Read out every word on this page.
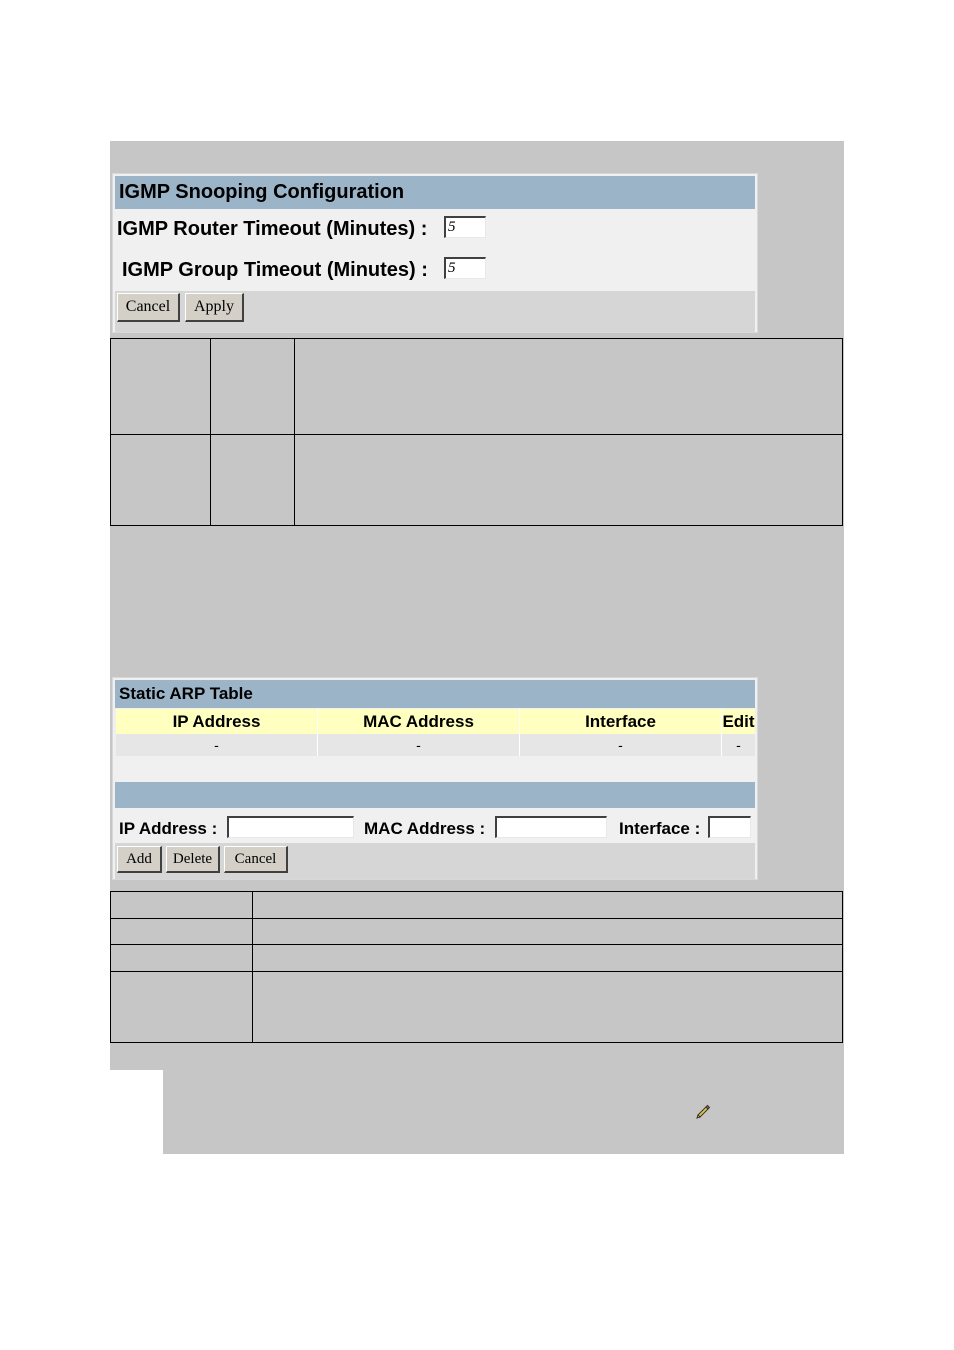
IGMP Snooping Configuration
IGMP Router Timeout (Minutes) :
5
IGMP Group Timeout (Minutes) :
5
Cancel	Apply

Static ARP Table
IP Address	MAC Address	Interface	Edit
-	-	-	-
IP Address :	MAC Address :	Interface :
Add	Delete	Cancel
